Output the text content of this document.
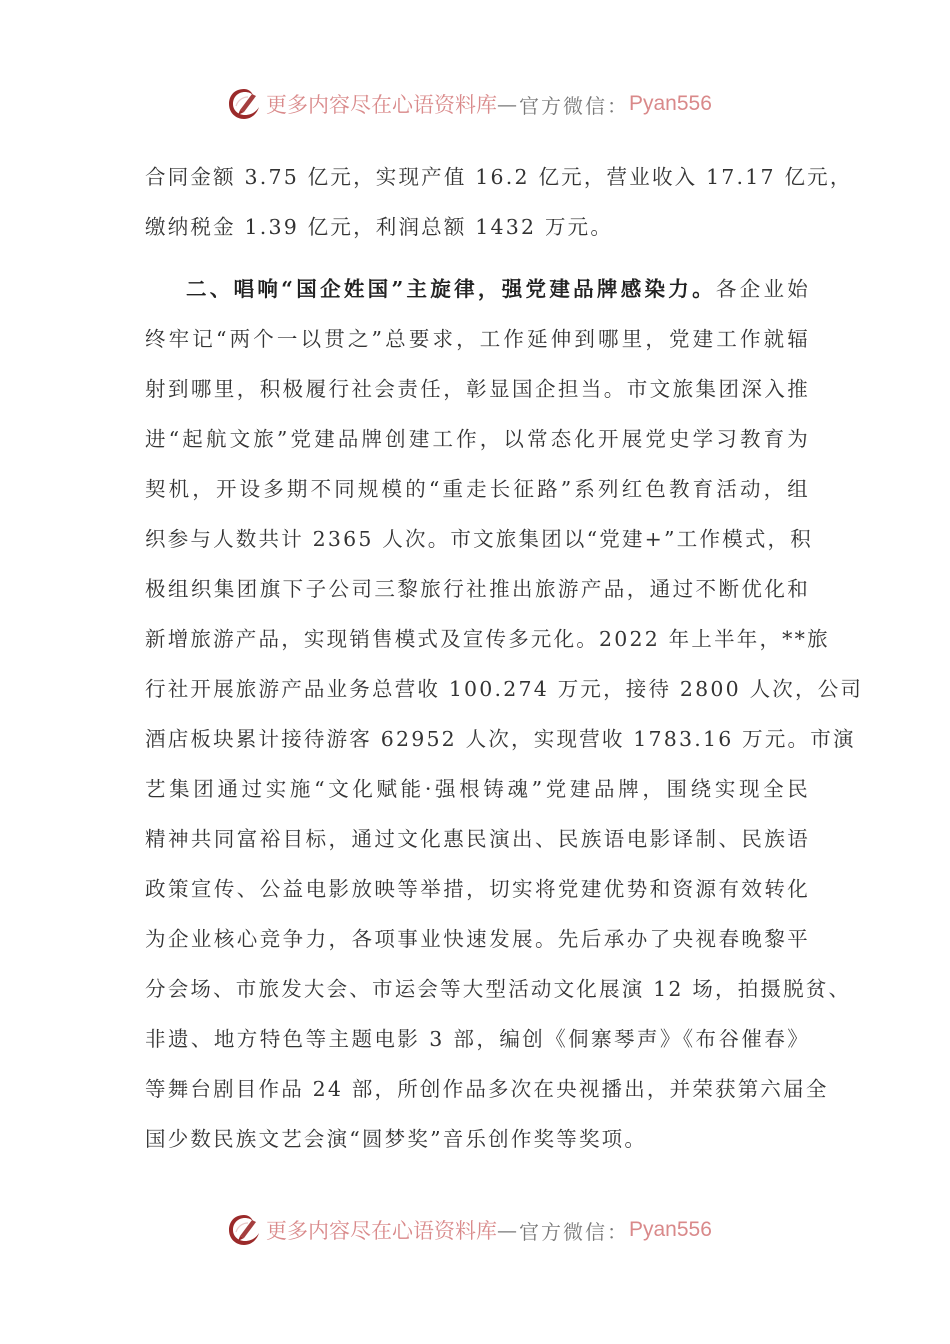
更多内容尽在心语资料库 — 官方微信： Pyan556

合同金额 3.75 亿元，实现产值 16.2 亿元，营业收入 17.17 亿元，
缴纳税金 1.39 亿元，利润总额 1432 万元。

二、唱响“国企姓国”主旋律，强党建品牌感染力。各企业始
终牢记“两个一以贯之”总要求，工作延伸到哪里，党建工作就辐
射到哪里，积极履行社会责任，彰显国企担当。市文旅集团深入推
进“起航文旅”党建品牌创建工作，以常态化开展党史学习教育为
契机，开设多期不同规模的“重走长征路”系列红色教育活动，组
织参与人数共计 2365 人次。市文旅集团以“党建+”工作模式，积
极组织集团旗下子公司三黎旅行社推出旅游产品，通过不断优化和
新增旅游产品，实现销售模式及宣传多元化。2022 年上半年，**旅
行社开展旅游产品业务总营收 100.274 万元，接待 2800 人次，公司
酒店板块累计接待游客 62952 人次，实现营收 1783.16 万元。市演
艺集团通过实施“文化赋能·强根铸魂”党建品牌，围绕实现全民
精神共同富裕目标，通过文化惠民演出、民族语电影译制、民族语
政策宣传、公益电影放映等举措，切实将党建优势和资源有效转化
为企业核心竞争力，各项事业快速发展。先后承办了央视春晚黎平
分会场、市旅发大会、市运会等大型活动文化展演 12 场，拍摄脱贫、
非遗、地方特色等主题电影 3 部，编创《侗寨琴声》《布谷催春》
等舞台剧目作品 24 部，所创作品多次在央视播出，并荣获第六届全
国少数民族文艺会演“圆梦奖”音乐创作奖等奖项。

更多内容尽在心语资料库 — 官方微信： Pyan556
